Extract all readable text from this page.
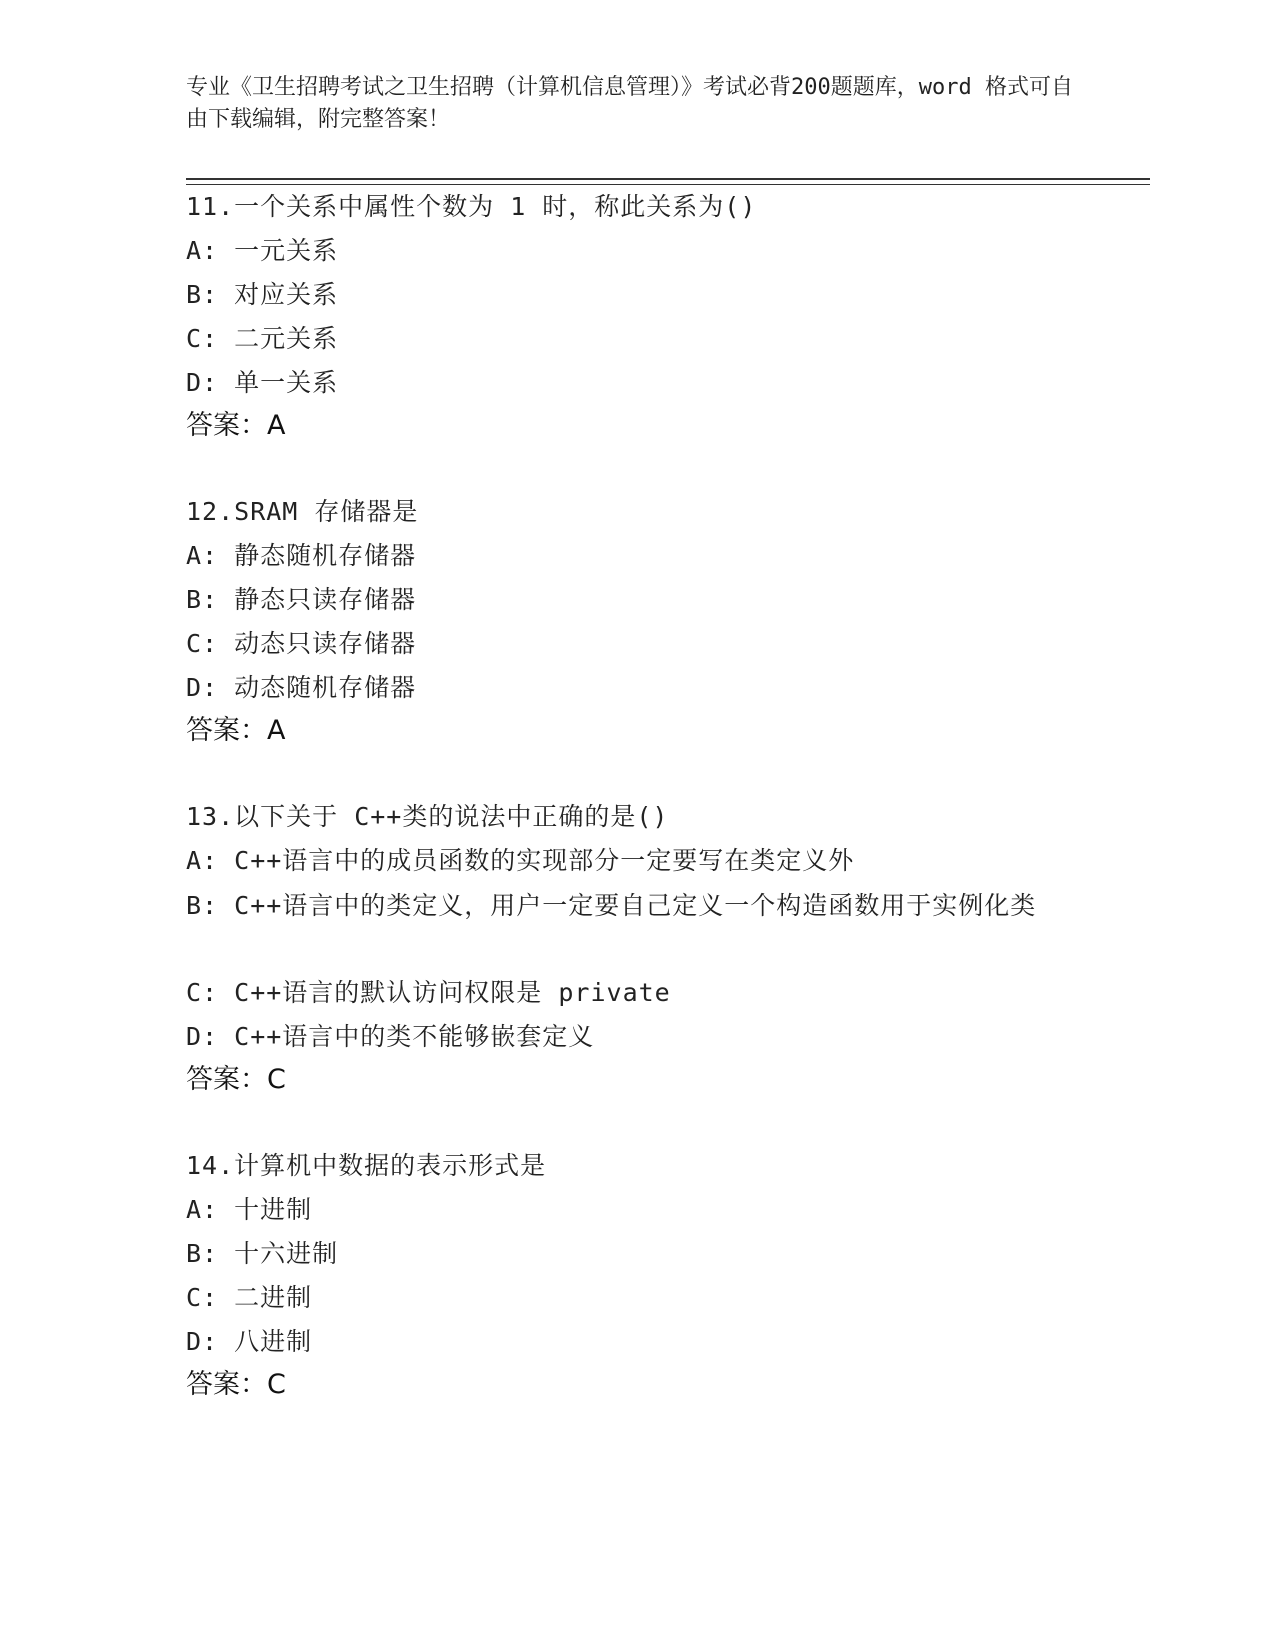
专业《卫生招聘考试之卫生招聘（计算机信息管理）》考试必背200题题库，word 格式可自由下载编辑，附完整答案！
11.一个关系中属性个数为 1 时，称此关系为()
A: 一元关系
B: 对应关系
C: 二元关系
D: 单一关系
答案：A
12.SRAM 存储器是
A: 静态随机存储器
B: 静态只读存储器
C: 动态只读存储器
D: 动态随机存储器
答案：A
13.以下关于 C++类的说法中正确的是()
A: C++语言中的成员函数的实现部分一定要写在类定义外
B: C++语言中的类定义，用户一定要自己定义一个构造函数用于实例化类
C: C++语言的默认访问权限是 private
D: C++语言中的类不能够嵌套定义
答案：C
14.计算机中数据的表示形式是
A: 十进制
B: 十六进制
C: 二进制
D: 八进制
答案：C
